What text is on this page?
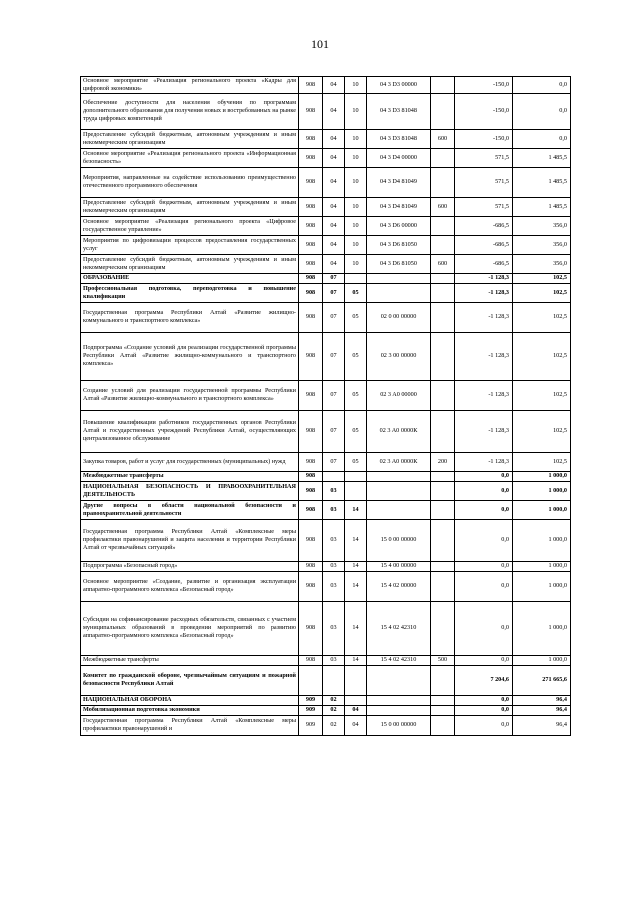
101
Основное мероприятие «Реализация регионального проекта «Кадры для цифровой экономики»	908	04	10	04 3 D3 00000		-150,0	0,0
Обеспечение доступности для населения обучения по программам дополнительного образования для получения новых и востребованных на рынке труда цифровых компетенций	908	04	10	04 3 D3 81048		-150,0	0,0
Предоставление субсидий бюджетным, автономным учреждениям и иным некоммерческим организациям	908	04	10	04 3 D3 81048	600	-150,0	0,0
Основное мероприятие «Реализация регионального проекта «Информационная безопасность»	908	04	10	04 3 D4 00000		571,5	1 485,5
Мероприятия, направленные на содействие использованию преимущественно отечественного программного обеспечения	908	04	10	04 3 D4 81049		571,5	1 485,5
Предоставление субсидий бюджетным, автономным учреждениям и иным некоммерческим организациям	908	04	10	04 3 D4 81049	600	571,5	1 485,5
Основное мероприятие «Реализация регионального проекта «Цифровое государственное управление»	908	04	10	04 3 D6 00000		-686,5	356,0
Мероприятия по цифровизации процессов предоставления государственных услуг	908	04	10	04 3 D6 81050		-686,5	356,0
Предоставление субсидий бюджетным, автономным учреждениям и иным некоммерческим организациям	908	04	10	04 3 D6 81050	600	-686,5	356,0
ОБРАЗОВАНИЕ	908	07				-1 128,3	102,5
Профессиональная подготовка, переподготовка и повышение квалификации	908	07	05			-1 128,3	102,5
Государственная программа Республики Алтай «Развитие жилищно-коммунального и транспортного комплекса»	908	07	05	02 0 00 00000		-1 128,3	102,5
Подпрограмма «Создание условий для реализации государственной программы Республики Алтай «Развитие жилищно-коммунального и транспортного комплекса»	908	07	05	02 3 00 00000		-1 128,3	102,5
Создание условий для реализации государственной программы Республики Алтай «Развитие жилищно-коммунального и транспортного комплекса»	908	07	05	02 3 A0 00000		-1 128,3	102,5
Повышение квалификации работников государственных органов Республики Алтай и государственных учреждений Республики Алтай, осуществляющих централизованное обслуживание	908	07	05	02 3 A0 0000К		-1 128,3	102,5
Закупка товаров, работ и услуг для государственных (муниципальных) нужд	908	07	05	02 3 A0 0000К	200	-1 128,3	102,5
Межбюджетные трансферты	908					0,0	1 000,0
НАЦИОНАЛЬНАЯ БЕЗОПАСНОСТЬ И ПРАВООХРАНИТЕЛЬНАЯ ДЕЯТЕЛЬНОСТЬ	908	03				0,0	1 000,0
Другие вопросы в области национальной безопасности и правоохранительной деятельности	908	03	14			0,0	1 000,0
Государственная программа Республики Алтай «Комплексные меры профилактики правонарушений и защита населения и территории Республики Алтай от чрезвычайных ситуаций»	908	03	14	15 0 00 00000		0,0	1 000,0
Подпрограмма «Безопасный город»	908	03	14	15 4 00 00000		0,0	1 000,0
Основное мероприятие «Создание, развитие и организация эксплуатации аппаратно-программного комплекса «Безопасный город»	908	03	14	15 4 02 00000		0,0	1 000,0
Субсидии на софинансирование расходных обязательств, связанных с участием муниципальных образований в проведении мероприятий по развитию аппаратно-программного комплекса «Безопасный город»	908	03	14	15 4 02 42310		0,0	1 000,0
Межбюджетные трансферты	908	03	14	15 4 02 42310	500	0,0	1 000,0
Комитет по гражданской обороне, чрезвычайным ситуациям и пожарной безопасности Республики Алтай						7 204,6	271 665,6
НАЦИОНАЛЬНАЯ ОБОРОНА	909	02				0,0	96,4
Мобилизационная подготовка экономики	909	02	04			0,0	96,4
Государственная программа Республики Алтай «Комплексные меры профилактики правонарушений и	909	02	04	15 0 00 00000		0,0	96,4
